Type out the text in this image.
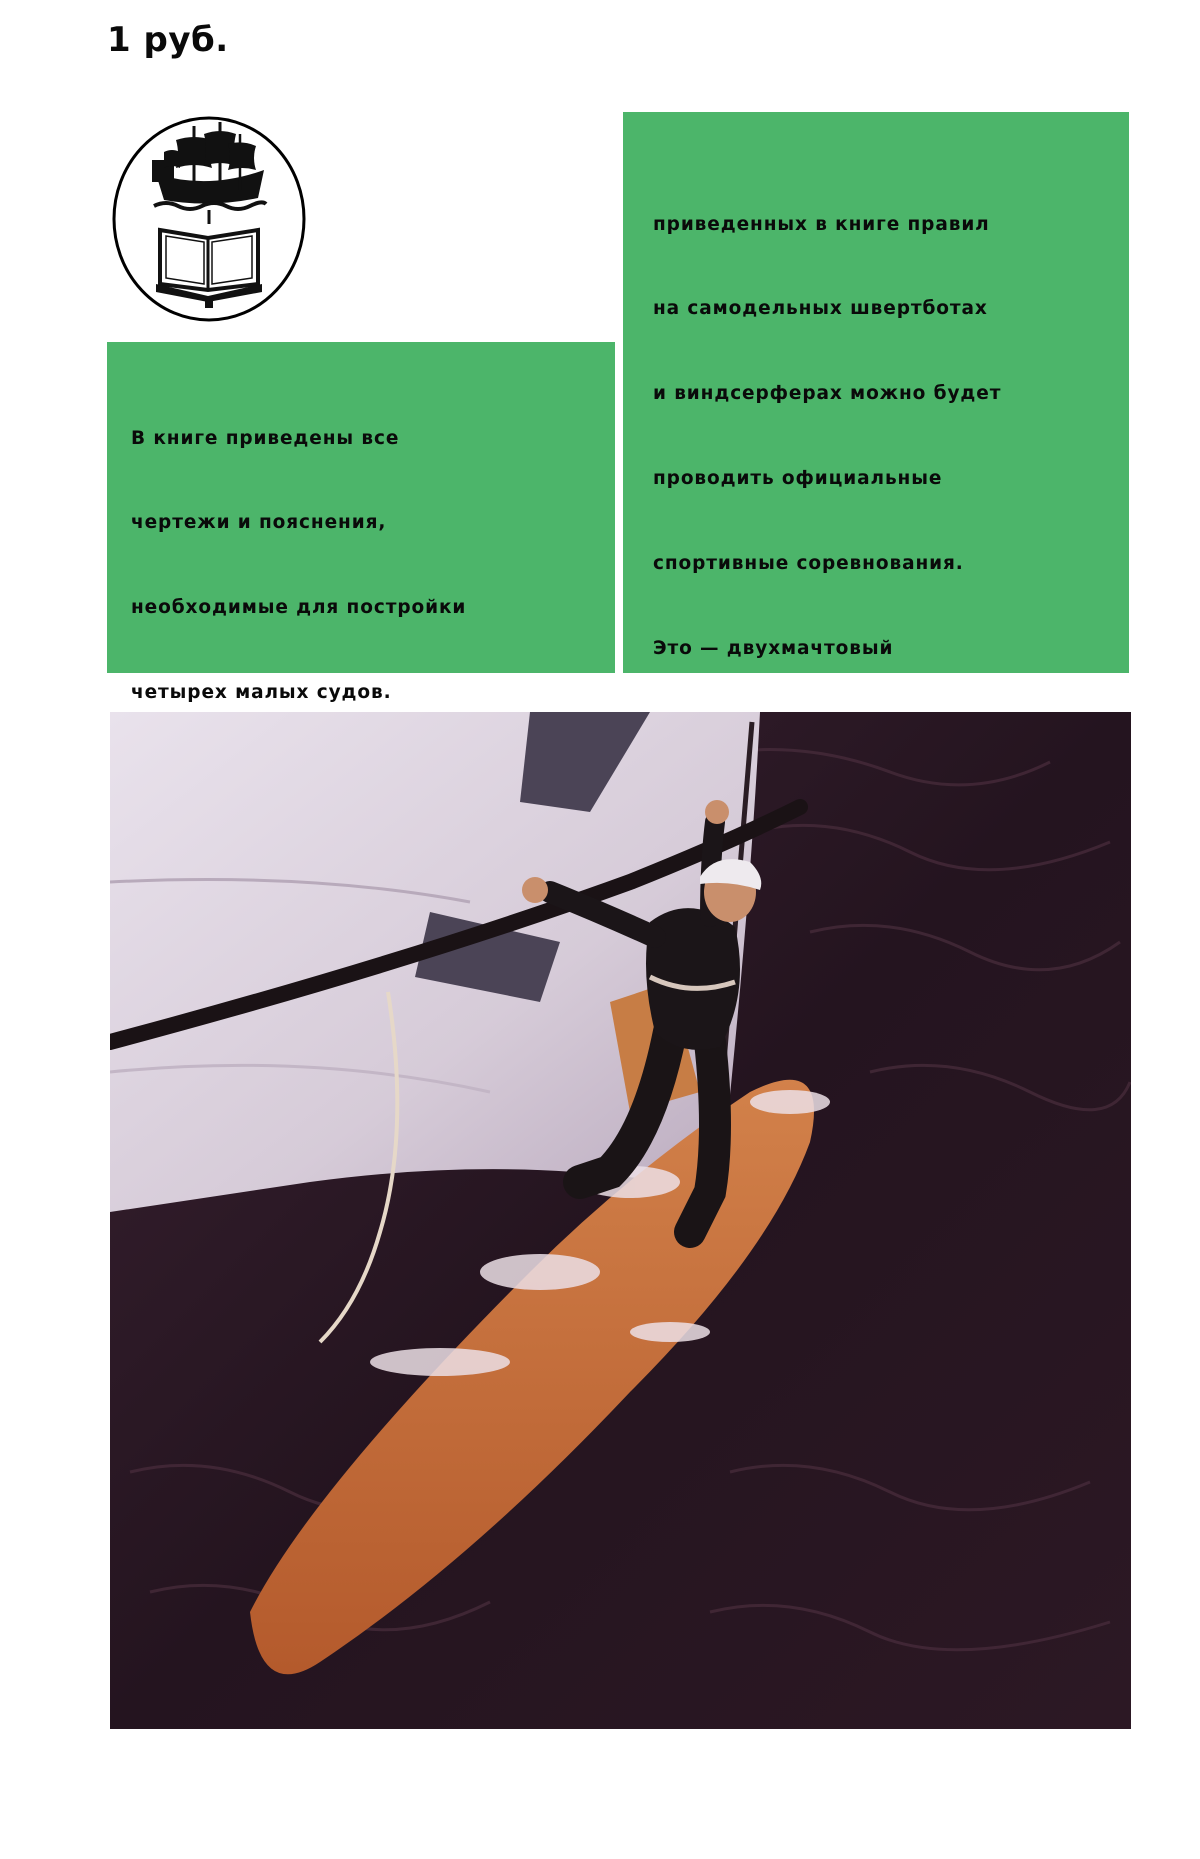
1 руб.

В книге приведены все

чертежи и пояснения,

необходимые для постройки

четырех малых судов.

приведенных в книге правил

на самодельных швертботах

и виндсерферах можно будет

проводить официальные

спортивные соревнования.

Это — двухмачтовый
